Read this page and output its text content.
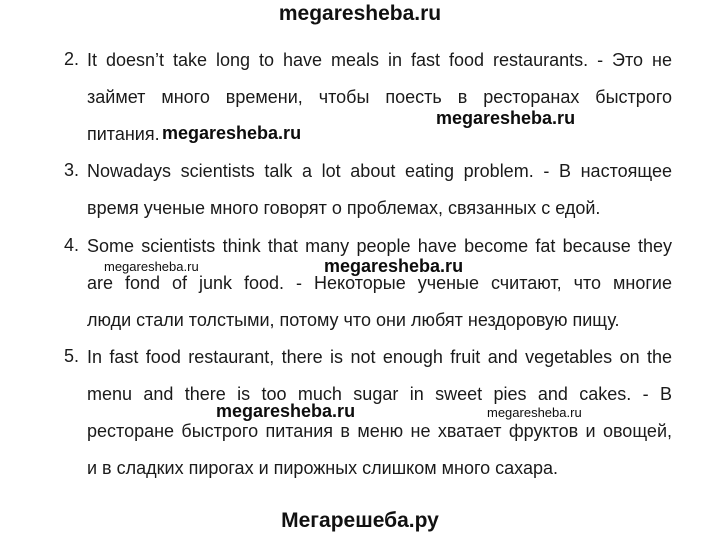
megaresheba.ru
2. It doesn’t take long to have meals in fast food restaurants. - Это не
займет много времени, чтобы поесть в ресторанах быстрого
питания.
3. Nowadays scientists talk a lot about eating problem. - В настоящее
время ученые много говорят о проблемах, связанных с едой.
4. Some scientists think that many people have become fat because they
are fond of junk food. - Некоторые ученые считают, что многие
люди стали толстыми, потому что они любят нездоровую пищу.
5. In fast food restaurant, there is not enough fruit and vegetables on the
menu and there is too much sugar in sweet pies and cakes. - В
ресторане быстрого питания в меню не хватает фруктов и овощей,
и в сладких пирогах и пирожных слишком много сахара.
megaresheba.ru
megaresheba.ru
megaresheba.ru	megaresheba.ru
megaresheba.ru	megaresheba.ru
Мегарешеба.ру
